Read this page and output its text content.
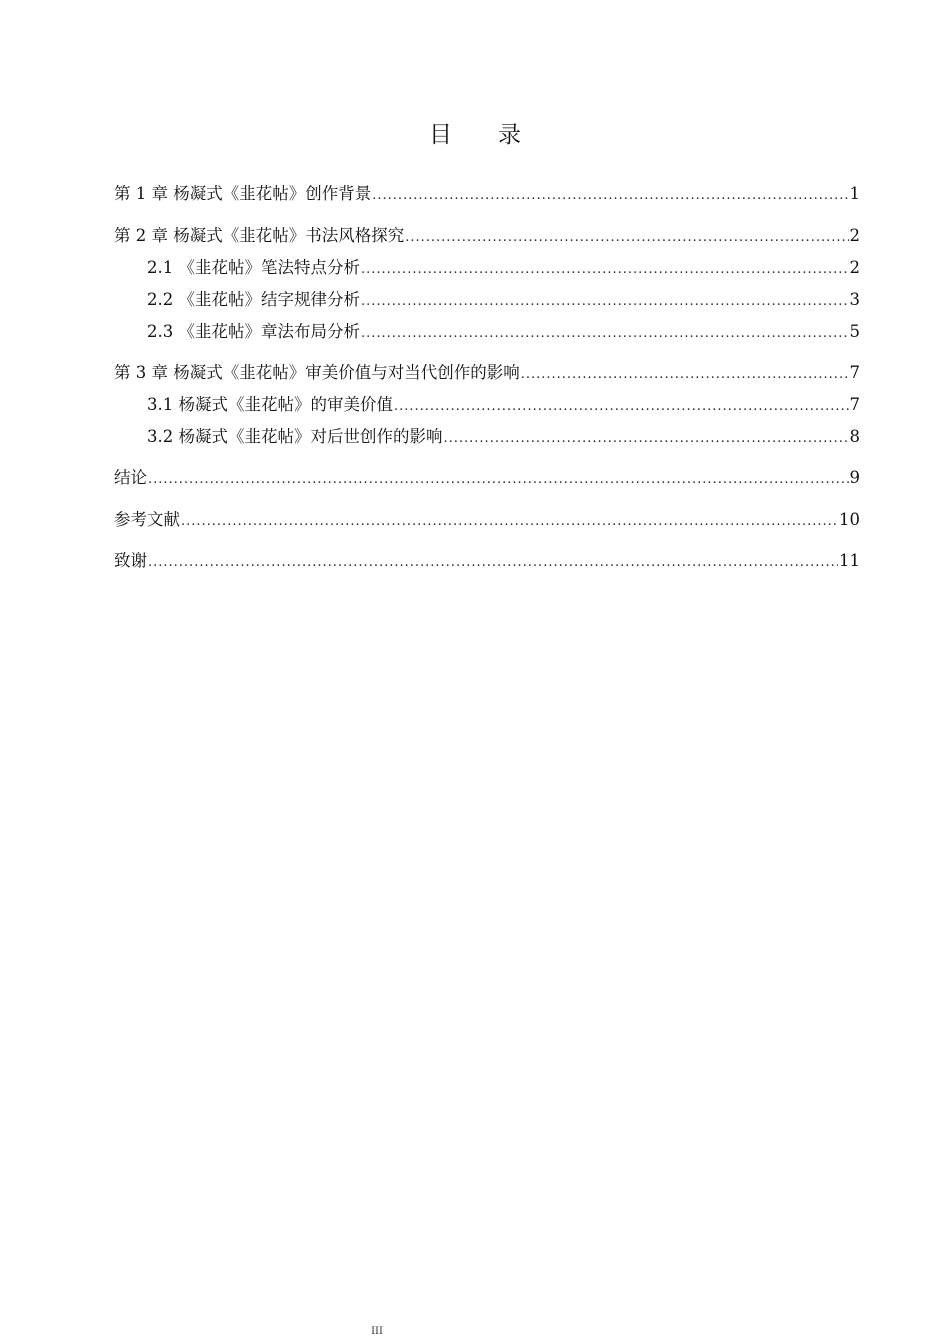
目　　录
第 1 章 杨凝式《韭花帖》创作背景 .....	1
第 2 章 杨凝式《韭花帖》书法风格探究 .....	2
2.1 《韭花帖》笔法特点分析 .....	2
2.2 《韭花帖》结字规律分析 .....	3
2.3 《韭花帖》章法布局分析 .....	5
第 3 章 杨凝式《韭花帖》审美价值与对当代创作的影响 .....	7
3.1 杨凝式《韭花帖》的审美价值 .....	7
3.2 杨凝式《韭花帖》对后世创作的影响 .....	8
结论 .....	9
参考文献 .....	10
致谢 .....	11
III
